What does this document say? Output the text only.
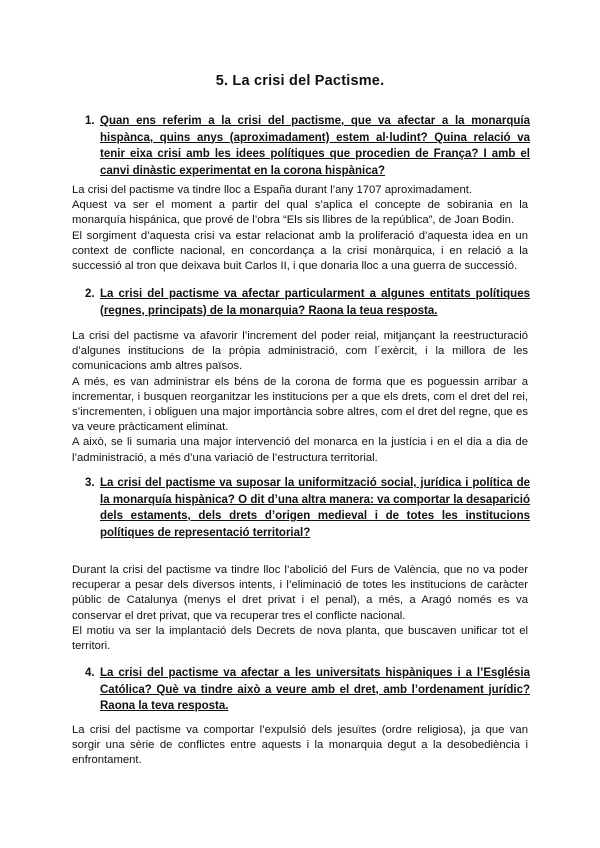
5. La crisi del Pactisme.
1. Quan ens referim a la crisi del pactisme, que va afectar a la monarquía hispànca, quins anys (aproximadament) estem al·ludint? Quina relació va tenir eixa crisi amb les idees polítiques que procedien de França? I amb el canvi dinàstic experimentat en la corona hispànica?

La crisi del pactisme va tindre lloc a España durant l’any 1707 aproximadament.

Aquest va ser el moment a partir del qual s’aplica el concepte de sobirania en la monarquía hispánica, que prové de l’obra “Els sis llibres de la república”, de Joan Bodin.

El sorgiment d’aquesta crisi va estar relacionat amb la proliferació d’aquesta idea en un context de conflicte nacional, en concordança a la crisi monàrquica, i en relació a la successió al tron que deixava buit Carlos II, i que donaria lloc a una guerra de successió.

2. La crisi del pactisme va afectar particularment a algunes entitats polítiques (regnes, principats) de la monarquia? Raona la teua resposta.

La crisi del pactisme va afavorir l’increment del poder reial, mitjançant la reestructuració d’algunes institucions de la pròpia administració, com l´exèrcit, i la millora de les comunicacions amb altres països.

A més, es van administrar els béns de la corona de forma que es poguessin arribar a incrementar, i busquen reorganitzar les institucions per a que els drets, com el dret del rei, s’incrementen, i obliguen una major importància sobre altres, com el dret del regne, que es va veure pràcticament eliminat.

A això, se li sumaria una major intervenció del monarca en la justícia i en el dia a dia de l’administració, a més d’una variació de l’estructura territorial.

3. La crisi del pactisme va suposar la uniformització social, jurídica i política de la monarquía hispànica? O dit d’una altra manera: va comportar la desaparició dels estaments, dels drets d’origen medieval i de totes les institucions polítiques de representació territorial?

Durant la crisi del pactisme va tindre lloc l’abolició del Furs de València, que no va poder recuperar a pesar dels diversos intents, i l’eliminació de totes les institucions de caràcter públic de Catalunya (menys el dret privat i el penal), a més, a Aragó només es va conservar el dret privat, que va recuperar tres el conflicte nacional.

El motiu va ser la implantació dels Decrets de nova planta, que buscaven unificar tot el territori.

4. La crisi del pactisme va afectar a les universitats hispàniques i a l’Església Católica? Què va tindre això a veure amb el dret, amb l’ordenament jurídic? Raona la teva resposta.

La crisi del pactisme va comportar l’expulsió dels jesuïtes (ordre religiosa), ja que van sorgir una sèrie de conflictes entre aquests i la monarquia degut a la desobediència i enfrontament.
